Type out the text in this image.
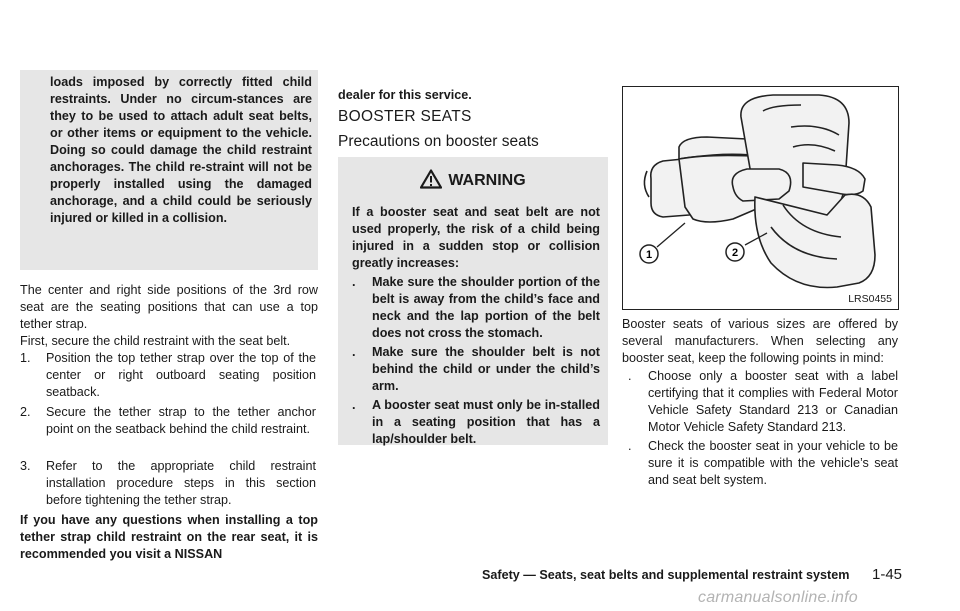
loads imposed by correctly fitted child restraints. Under no circum-stances are they to be used to attach adult seat belts, or other items or equipment to the vehicle. Doing so could damage the child restraint anchorages. The child re-straint will not be properly installed using the damaged anchorage, and a child could be seriously injured or killed in a collision.
The center and right side positions of the 3rd row seat are the seating positions that can use a top tether strap.
First, secure the child restraint with the seat belt.
1. Position the top tether strap over the top of the center or right outboard seating position seatback.
2. Secure the tether strap to the tether anchor point on the seatback behind the child restraint.
3. Refer to the appropriate child restraint installation procedure steps in this section before tightening the tether strap.
If you have any questions when installing a top tether strap child restraint on the rear seat, it is recommended you visit a NISSAN
dealer for this service.
BOOSTER SEATS
Precautions on booster seats
WARNING
If a booster seat and seat belt are not used properly, the risk of a child being injured in a sudden stop or collision greatly increases:
. Make sure the shoulder portion of the belt is away from the child’s face and neck and the lap portion of the belt does not cross the stomach.
. Make sure the shoulder belt is not behind the child or under the child’s arm.
. A booster seat must only be in-stalled in a seating position that has a lap/shoulder belt.
1	2
LRS0455
Booster seats of various sizes are offered by several manufacturers. When selecting any booster seat, keep the following points in mind:
. Choose only a booster seat with a label certifying that it complies with Federal Motor Vehicle Safety Standard 213 or Canadian Motor Vehicle Safety Standard 213.
. Check the booster seat in your vehicle to be sure it is compatible with the vehicle’s seat and seat belt system.
Safety — Seats, seat belts and supplemental restraint system 1-45
carmanualsonline.info
